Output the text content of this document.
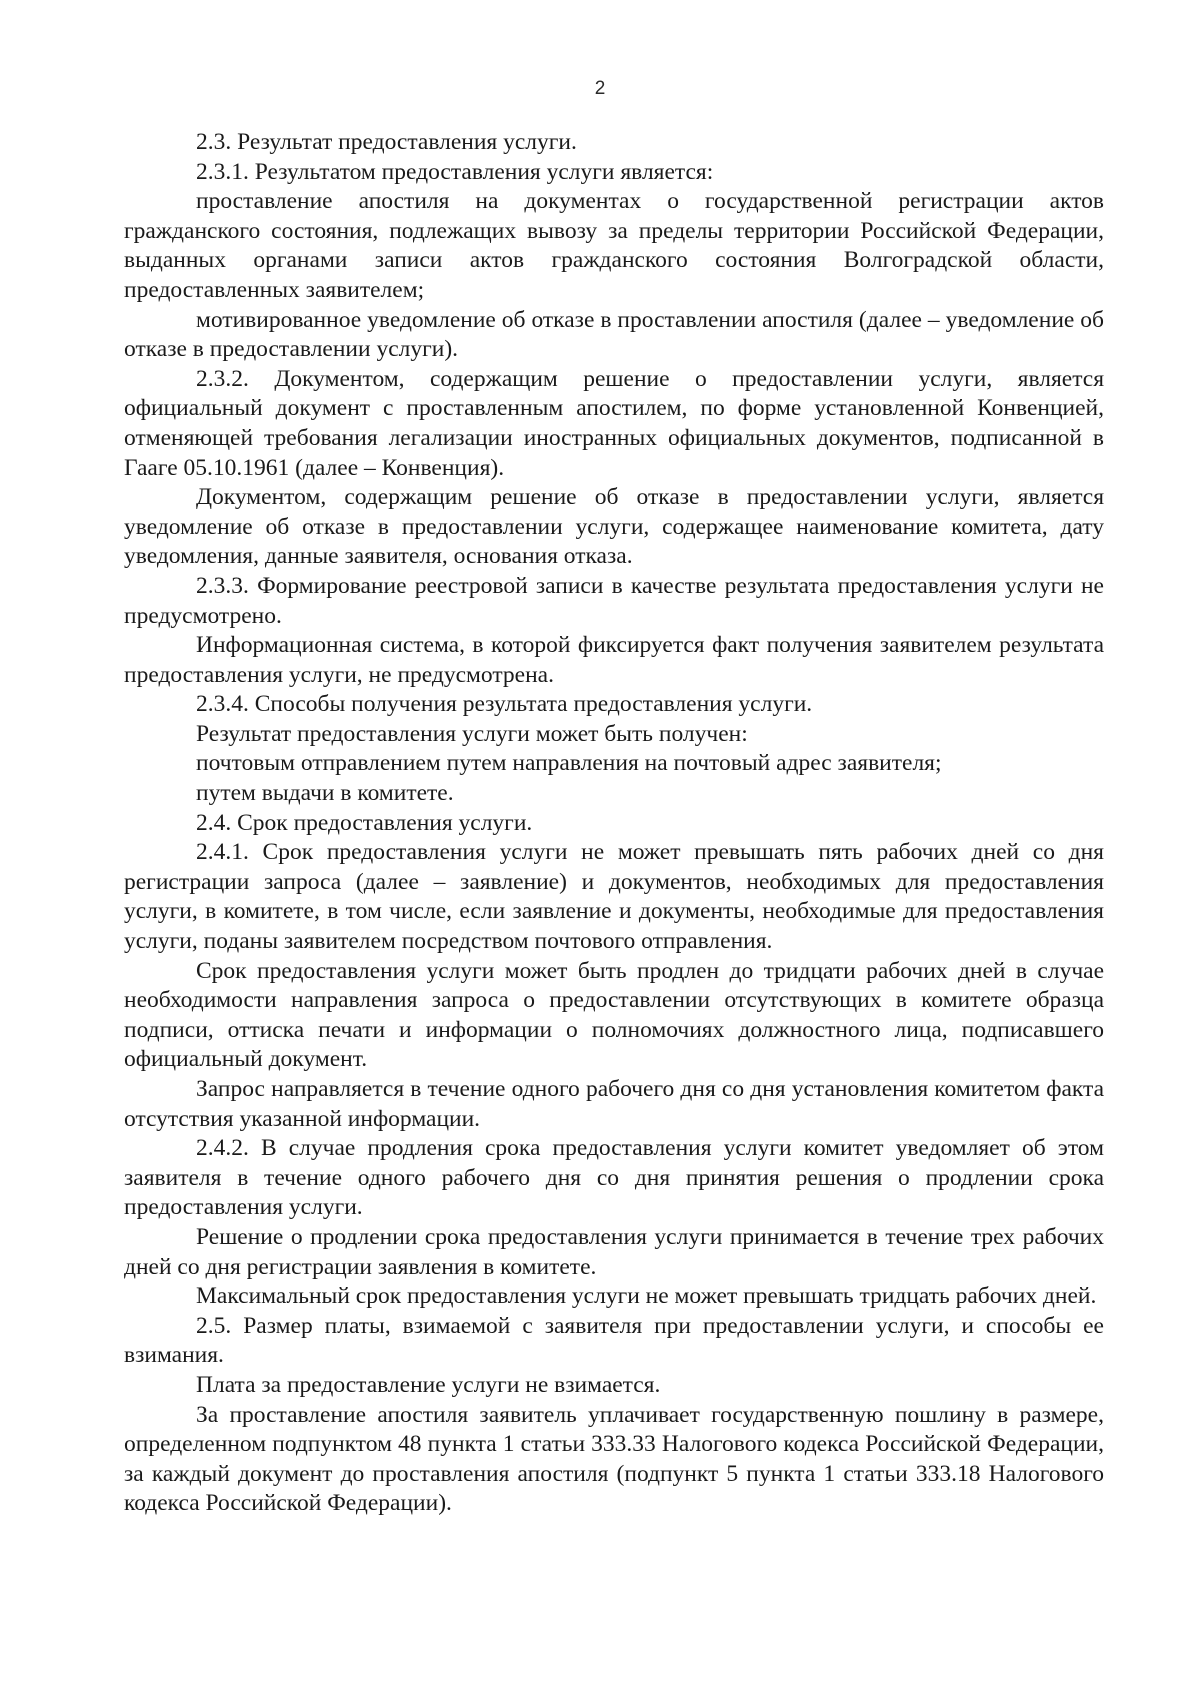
2

2.3. Результат предоставления услуги.

2.3.1. Результатом предоставления услуги является:

проставление апостиля на документах о государственной регистрации актов гражданского состояния, подлежащих вывозу за пределы территории Российской Федерации, выданных органами записи актов гражданского состояния Волгоградской области, предоставленных заявителем;

мотивированное уведомление об отказе в проставлении апостиля (далее – уведомление об отказе в предоставлении услуги).

2.3.2. Документом, содержащим решение о предоставлении услуги, является официальный документ с проставленным апостилем, по форме установленной Конвенцией, отменяющей требования легализации иностранных официальных документов, подписанной в Гааге 05.10.1961 (далее – Конвенция).

Документом, содержащим решение об отказе в предоставлении услуги, является уведомление об отказе в предоставлении услуги, содержащее наименование комитета, дату уведомления, данные заявителя, основания отказа.

2.3.3. Формирование реестровой записи в качестве результата предоставления услуги не предусмотрено.

Информационная система, в которой фиксируется факт получения заявителем результата предоставления услуги, не предусмотрена.

2.3.4. Способы получения результата предоставления услуги.

Результат предоставления услуги может быть получен:

почтовым отправлением путем направления на почтовый адрес заявителя;

путем выдачи в комитете.

2.4. Срок предоставления услуги.

2.4.1. Срок предоставления услуги не может превышать пять рабочих дней со дня регистрации запроса (далее – заявление) и документов, необходимых для предоставления услуги, в комитете, в том числе, если заявление и документы, необходимые для предоставления услуги, поданы заявителем посредством почтового отправления.

Срок предоставления услуги может быть продлен до тридцати рабочих дней в случае необходимости направления запроса о предоставлении отсутствующих в комитете образца подписи, оттиска печати и информации о полномочиях должностного лица, подписавшего официальный документ.

Запрос направляется в течение одного рабочего дня со дня установления комитетом факта отсутствия указанной информации.

2.4.2. В случае продления срока предоставления услуги комитет уведомляет об этом заявителя в течение одного рабочего дня со дня принятия решения о продлении срока предоставления услуги.

Решение о продлении срока предоставления услуги принимается в течение трех рабочих дней со дня регистрации заявления в комитете.

Максимальный срок предоставления услуги не может превышать тридцать рабочих дней.

2.5. Размер платы, взимаемой с заявителя при предоставлении услуги, и способы ее взимания.

Плата за предоставление услуги не взимается.

За проставление апостиля заявитель уплачивает государственную пошлину в размере, определенном подпунктом 48 пункта 1 статьи 333.33 Налогового кодекса Российской Федерации, за каждый документ до проставления апостиля (подпункт 5 пункта 1 статьи 333.18 Налогового кодекса Российской Федерации).
